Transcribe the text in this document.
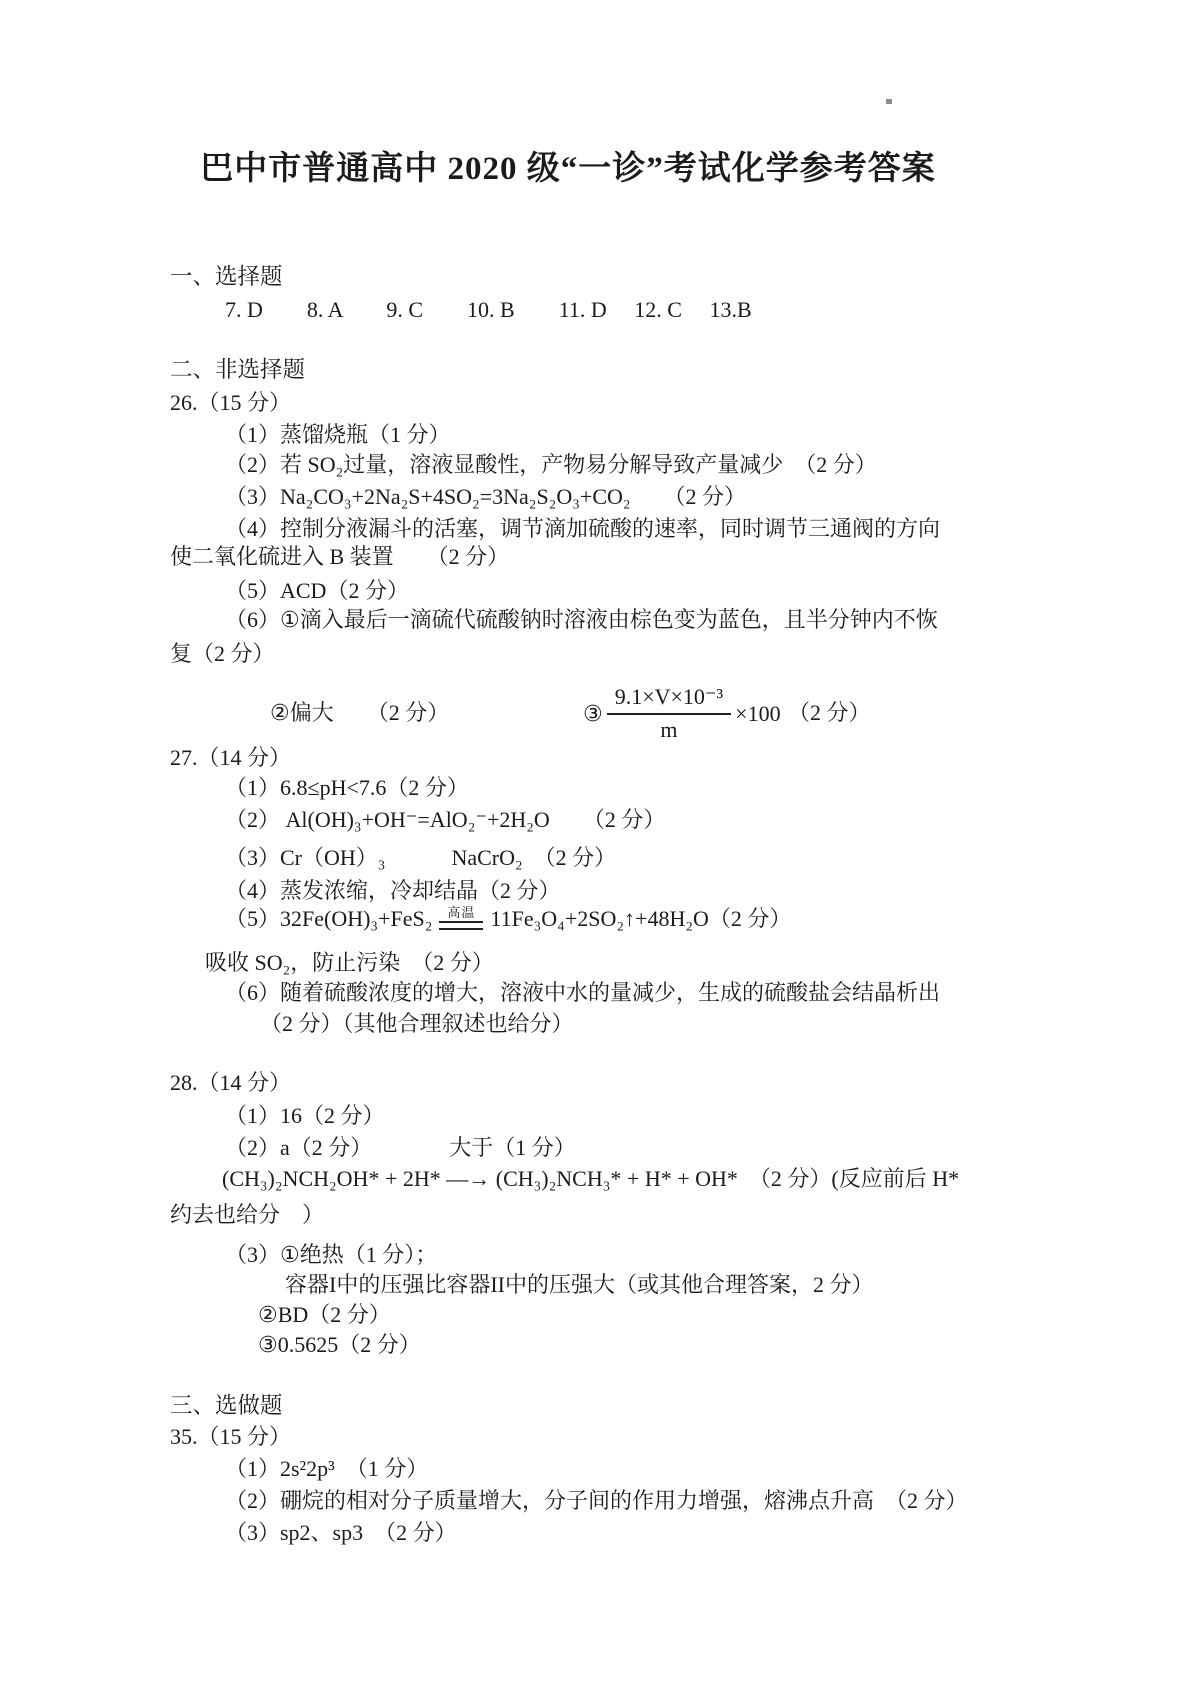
巴中市普通高中 2020 级“一诊”考试化学参考答案
一、选择题
7. D　　8. A　　9. C　　10. B　　11. D　 12. C　 13.B
二、非选择题
26.（15 分）
（1）蒸馏烧瓶（1 分）
（2）若 SO₂过量，溶液显酸性，产物易分解导致产量减少　（2 分）
（3）Na₂CO₃+2Na₂S+4SO₂=3Na₂S₂O₃+CO₂　　（2 分）
（4）控制分液漏斗的活塞，调节滴加硫酸的速率，同时调节三通阀的方向
使二氧化硫进入 B 装置　　（2 分）
（5）ACD（2 分）
（6）①滴入最后一滴硫代硫酸钠时溶液由棕色变为蓝色，且半分钟内不恢
复（2 分）
②偏大　　（2 分）	③ $\frac{\text{9.1×V×10⁻³}}{m} \times 100$ （2 分）
27.（14 分）
（1）6.8≤pH<7.6（2 分）
（2） Al(OH)₃+OH⁻=AlO₂⁻+2H₂O　　（2 分）
（3）Cr（OH）₃　　　NaCrO₂　（2 分）
（4）蒸发浓缩，冷却结晶（2 分）
（5）32Fe(OH)₃+FeS₂ 高温 11Fe₃O₄+2SO₂↑+48H₂O（2 分）
吸收 SO₂，防止污染　（2 分）
（6）随着硫酸浓度的增大，溶液中水的量减少，生成的硫酸盐会结晶析出
（2 分）（其他合理叙述也给分）
28.（14 分）
（1）16（2 分）
（2）a（2 分）　　　　大于（1 分）
(CH₃)₂NCH₂OH* + 2H* —→ (CH₃)₂NCH₃* + H* + OH*　（2 分）(反应前后 H*
约去也给分　）
（3）①绝热（1 分）；
容器I中的压强比容器II中的压强大（或其他合理答案，2 分）
②BD（2 分）
③0.5625（2 分）
三、选做题
35.（15 分）
（1）2s²2p³　（1 分）
（2）硼烷的相对分子质量增大，分子间的作用力增强，熔沸点升高　（2 分）
（3）sp2、sp3　（2 分）
